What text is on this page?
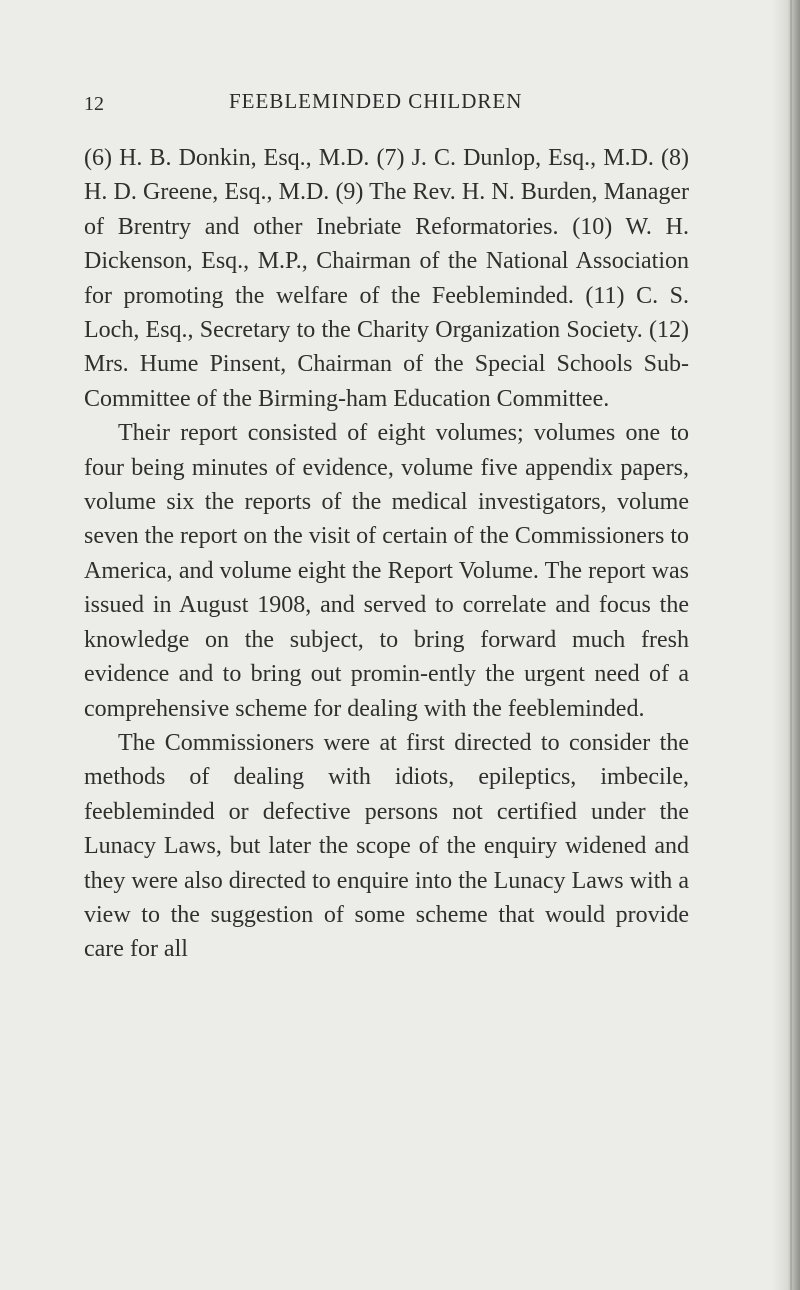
12	FEEBLEMINDED CHILDREN

(6) H. B. Donkin, Esq., M.D. (7) J. C. Dunlop, Esq., M.D. (8) H. D. Greene, Esq., M.D. (9) The Rev. H. N. Burden, Manager of Brentry and other Inebriate Reformatories. (10) W. H. Dickenson, Esq., M.P., Chairman of the National Association for promoting the welfare of the Feebleminded. (11) C. S. Loch, Esq., Secretary to the Charity Organization Society. (12) Mrs. Hume Pinsent, Chairman of the Special Schools Sub-Committee of the Birming-ham Education Committee.

Their report consisted of eight volumes; volumes one to four being minutes of evidence, volume five appendix papers, volume six the reports of the medical investigators, volume seven the report on the visit of certain of the Commissioners to America, and volume eight the Report Volume. The report was issued in August 1908, and served to correlate and focus the knowledge on the subject, to bring forward much fresh evidence and to bring out promin-ently the urgent need of a comprehensive scheme for dealing with the feebleminded.

The Commissioners were at first directed to consider the methods of dealing with idiots, epileptics, imbecile, feebleminded or defective persons not certified under the Lunacy Laws, but later the scope of the enquiry widened and they were also directed to enquire into the Lunacy Laws with a view to the suggestion of some scheme that would provide care for all
